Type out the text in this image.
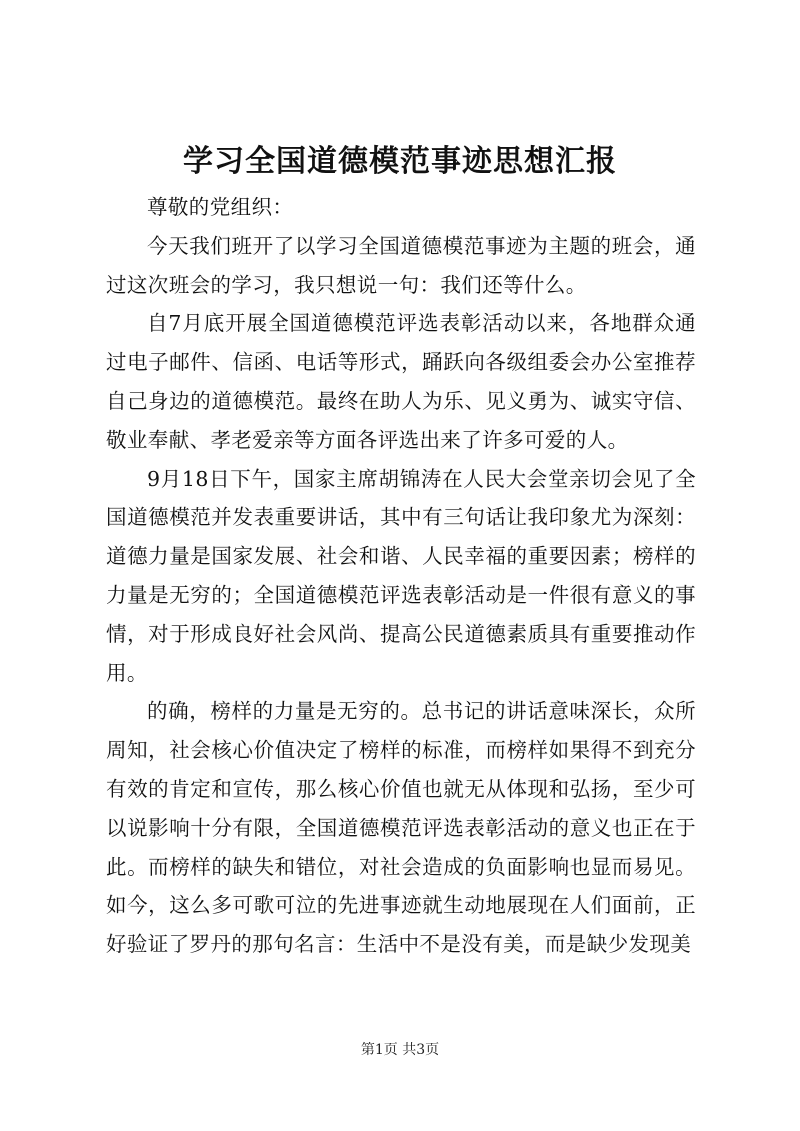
学习全国道德模范事迹思想汇报

尊敬的党组织：

今天我们班开了以学习全国道德模范事迹为主题的班会，通过这次班会的学习，我只想说一句：我们还等什么。

自7月底开展全国道德模范评选表彰活动以来，各地群众通过电子邮件、信函、电话等形式，踊跃向各级组委会办公室推荐自己身边的道德模范。最终在助人为乐、见义勇为、诚实守信、敬业奉献、孝老爱亲等方面各评选出来了许多可爱的人。

9月18日下午，国家主席胡锦涛在人民大会堂亲切会见了全国道德模范并发表重要讲话，其中有三句话让我印象尤为深刻：道德力量是国家发展、社会和谐、人民幸福的重要因素；榜样的力量是无穷的；全国道德模范评选表彰活动是一件很有意义的事情，对于形成良好社会风尚、提高公民道德素质具有重要推动作用。

的确，榜样的力量是无穷的。总书记的讲话意味深长，众所周知，社会核心价值决定了榜样的标准，而榜样如果得不到充分有效的肯定和宣传，那么核心价值也就无从体现和弘扬，至少可以说影响十分有限，全国道德模范评选表彰活动的意义也正在于此。而榜样的缺失和错位，对社会造成的负面影响也显而易见。如今，这么多可歌可泣的先进事迹就生动地展现在人们面前，正好验证了罗丹的那句名言：生活中不是没有美，而是缺少发现美

第1页 共3页
